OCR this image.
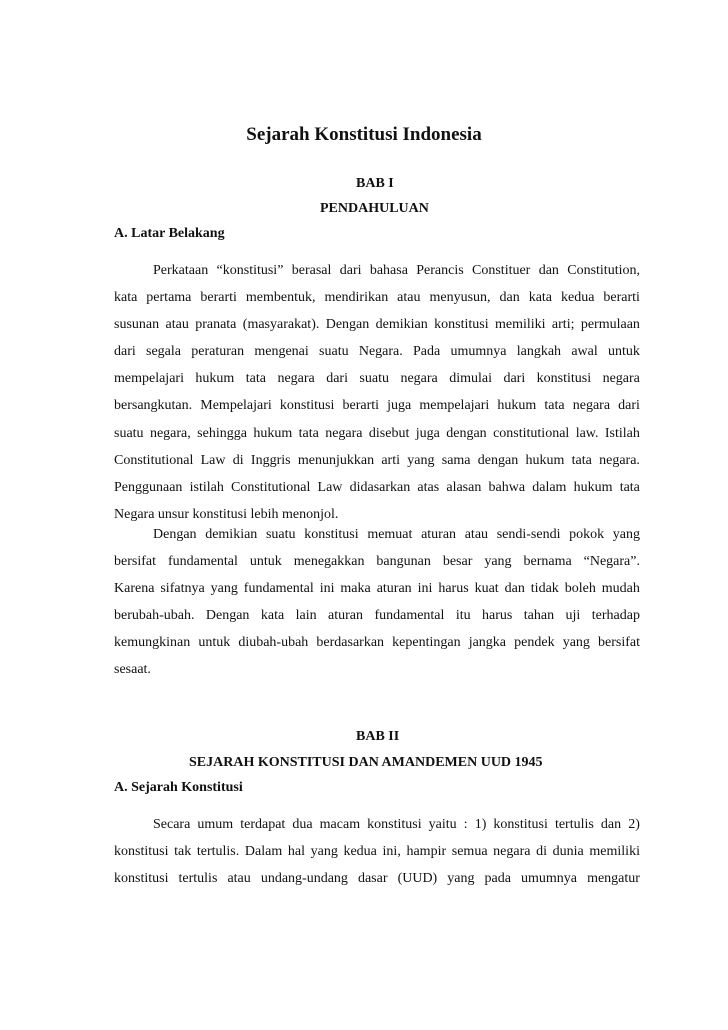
Sejarah Konstitusi Indonesia
BAB I
PENDAHULUAN
A. Latar Belakang
Perkataan “konstitusi” berasal dari bahasa Perancis Constituer dan Constitution,
kata pertama berarti membentuk, mendirikan atau menyusun, dan kata kedua berarti
susunan atau pranata (masyarakat). Dengan demikian konstitusi memiliki arti; permulaan
dari segala peraturan mengenai suatu Negara. Pada umumnya langkah awal untuk
mempelajari hukum tata negara dari suatu negara dimulai dari konstitusi negara
bersangkutan. Mempelajari konstitusi berarti juga mempelajari hukum tata negara dari
suatu negara, sehingga hukum tata negara disebut juga dengan constitutional law. Istilah
Constitutional Law di Inggris menunjukkan arti yang sama dengan hukum tata negara.
Penggunaan istilah Constitutional Law didasarkan atas alasan bahwa dalam hukum tata
Negara unsur konstitusi lebih menonjol.
Dengan demikian suatu konstitusi memuat aturan atau sendi-sendi pokok yang
bersifat fundamental untuk menegakkan bangunan besar yang bernama “Negara”.
Karena sifatnya yang fundamental ini maka aturan ini harus kuat dan tidak boleh mudah
berubah-ubah. Dengan kata lain aturan fundamental itu harus tahan uji terhadap
kemungkinan untuk diubah-ubah berdasarkan kepentingan jangka pendek yang bersifat
sesaat.
BAB II
SEJARAH KONSTITUSI DAN AMANDEMEN UUD 1945
A. Sejarah Konstitusi
Secara umum terdapat dua macam konstitusi yaitu : 1) konstitusi tertulis dan 2)
konstitusi tak tertulis. Dalam hal yang kedua ini, hampir semua negara di dunia memiliki
konstitusi tertulis atau undang-undang dasar (UUD) yang pada umumnya mengatur
